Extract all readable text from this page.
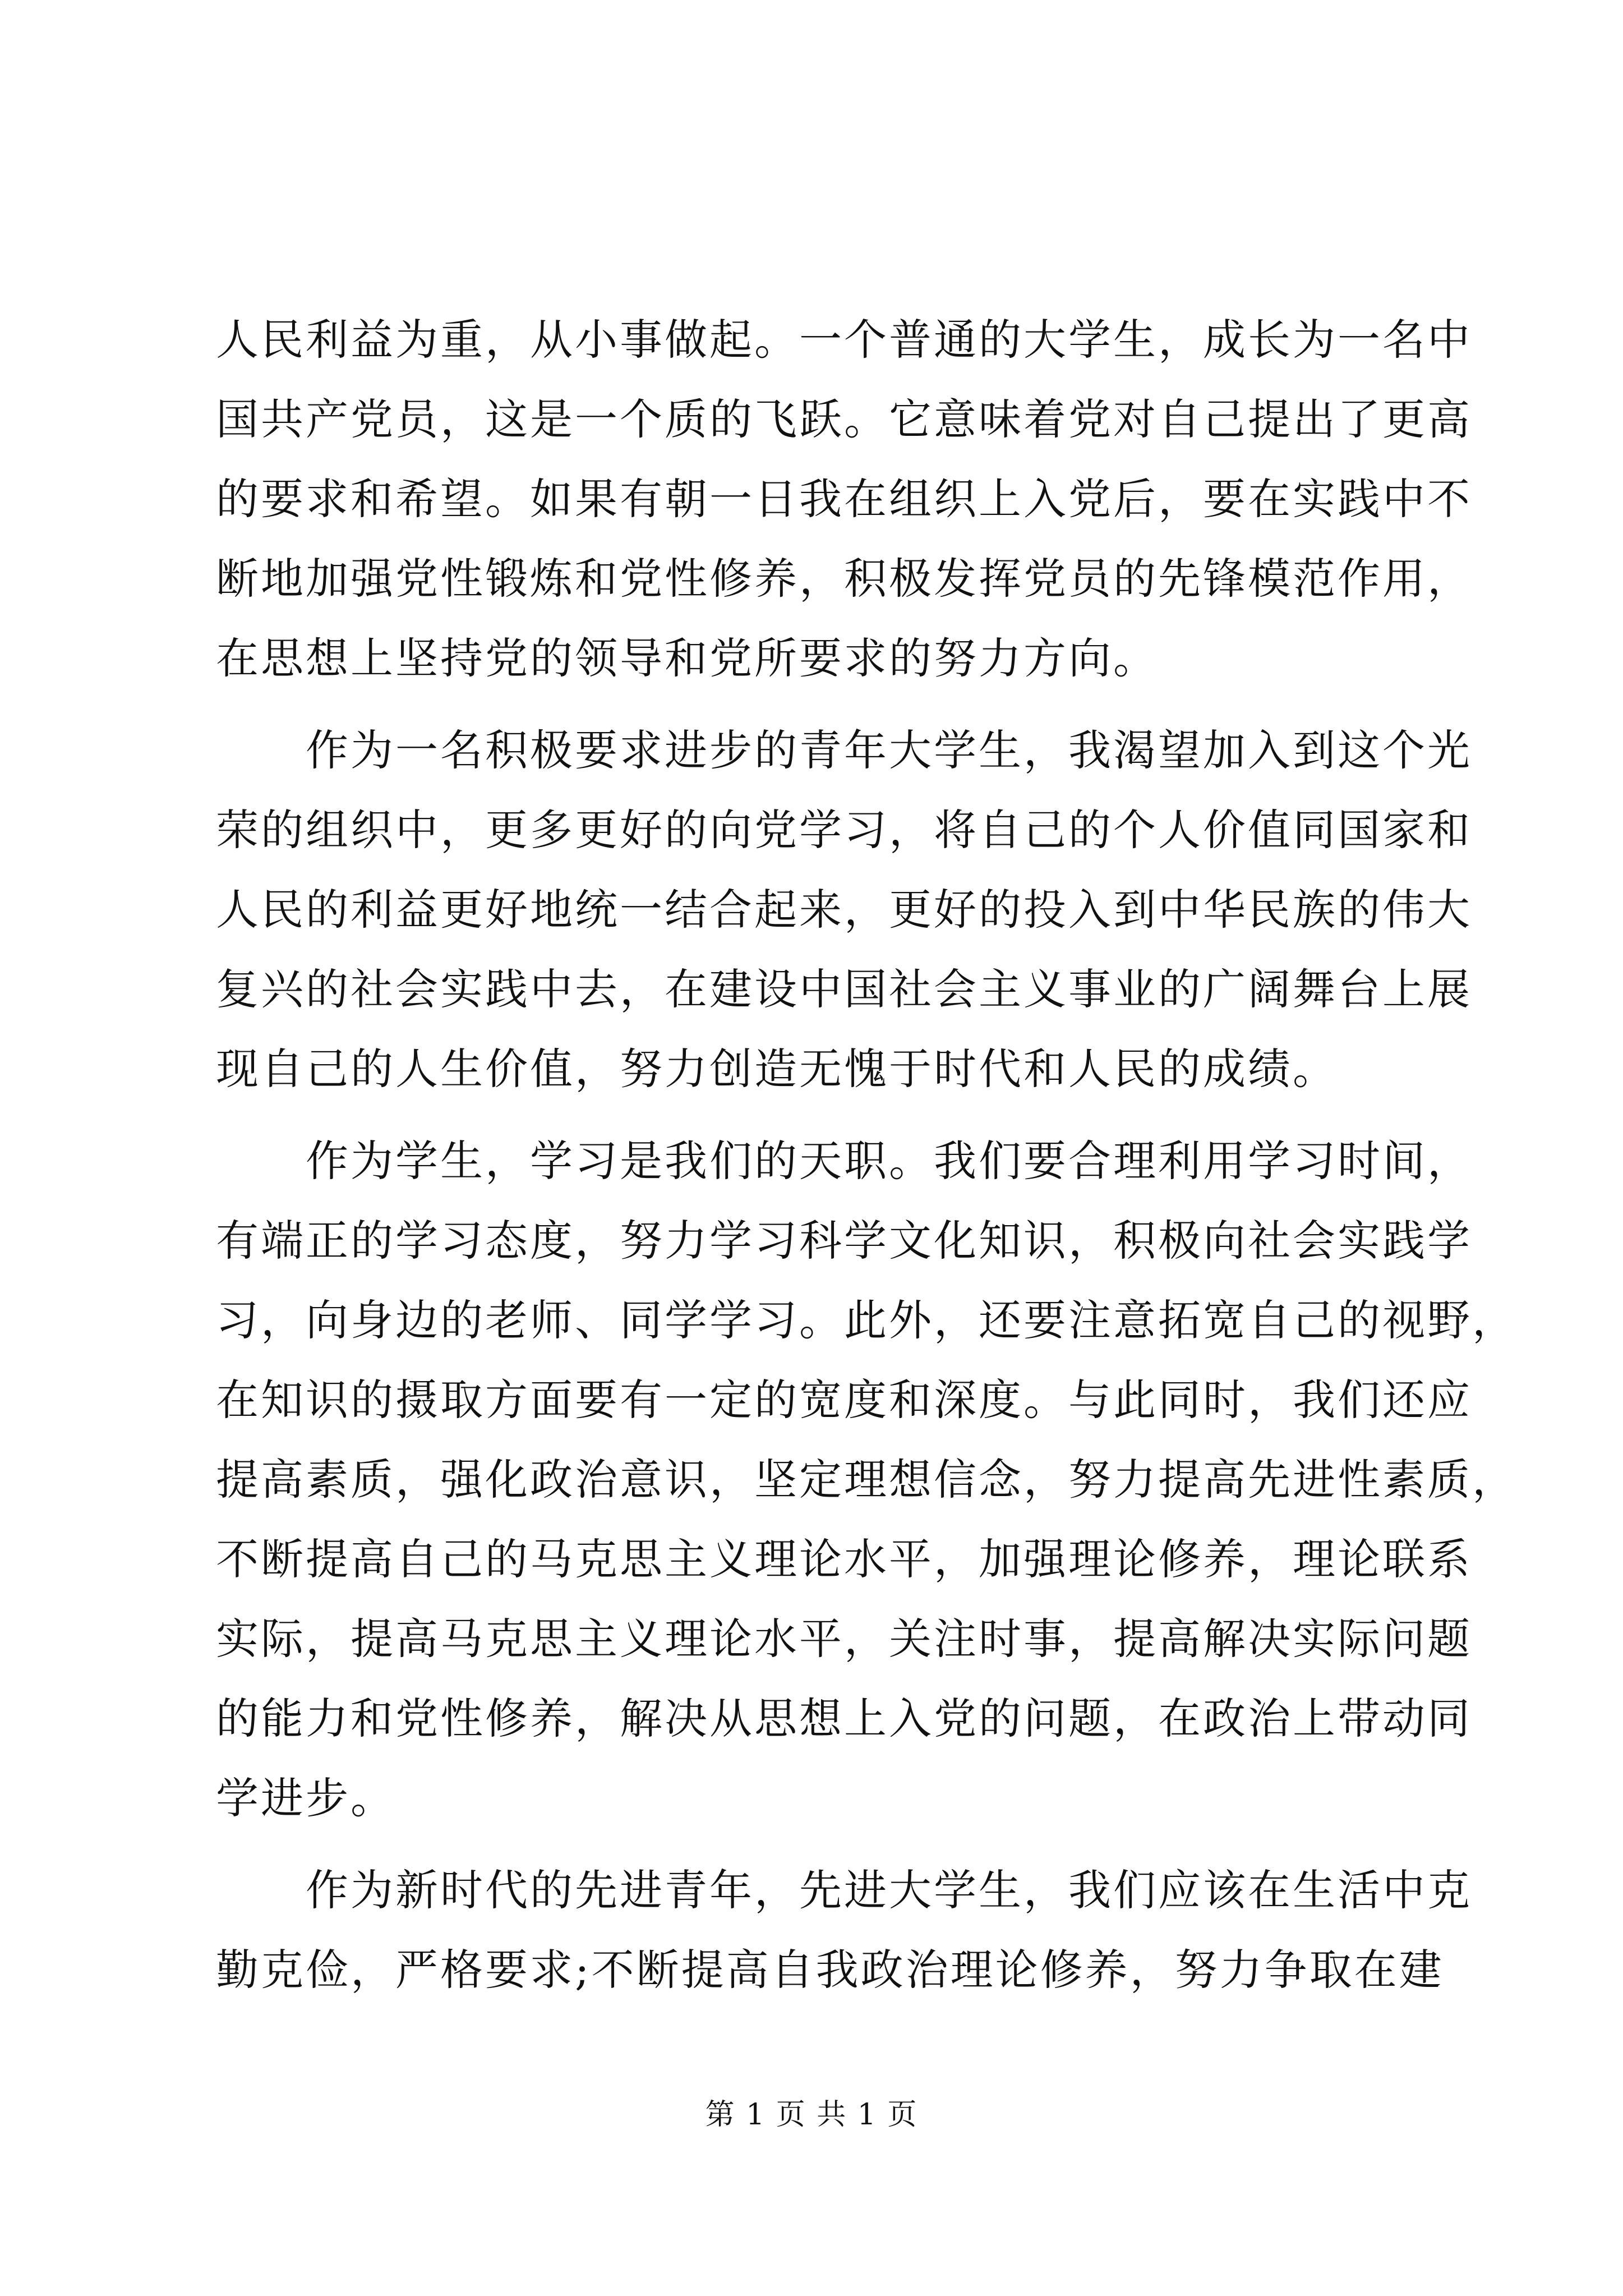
人民利益为重，从小事做起。一个普通的大学生，成长为一名中
国共产党员，这是一个质的飞跃。它意味着党对自己提出了更高
的要求和希望。如果有朝一日我在组织上入党后，要在实践中不
断地加强党性锻炼和党性修养，积极发挥党员的先锋模范作用，
在思想上坚持党的领导和党所要求的努力方向。
作为一名积极要求进步的青年大学生，我渴望加入到这个光
荣的组织中，更多更好的向党学习，将自己的个人价值同国家和
人民的利益更好地统一结合起来，更好的投入到中华民族的伟大
复兴的社会实践中去，在建设中国社会主义事业的广阔舞台上展
现自己的人生价值，努力创造无愧于时代和人民的成绩。
作为学生，学习是我们的天职。我们要合理利用学习时间，
有端正的学习态度，努力学习科学文化知识，积极向社会实践学
习，向身边的老师、同学学习。此外，还要注意拓宽自己的视野，
在知识的摄取方面要有一定的宽度和深度。与此同时，我们还应
提高素质，强化政治意识，坚定理想信念，努力提高先进性素质，
不断提高自己的马克思主义理论水平，加强理论修养，理论联系
实际，提高马克思主义理论水平，关注时事，提高解决实际问题
的能力和党性修养，解决从思想上入党的问题，在政治上带动同
学进步。
作为新时代的先进青年，先进大学生，我们应该在生活中克
勤克俭，严格要求;不断提高自我政治理论修养，努力争取在建
第 1 页 共 1 页
